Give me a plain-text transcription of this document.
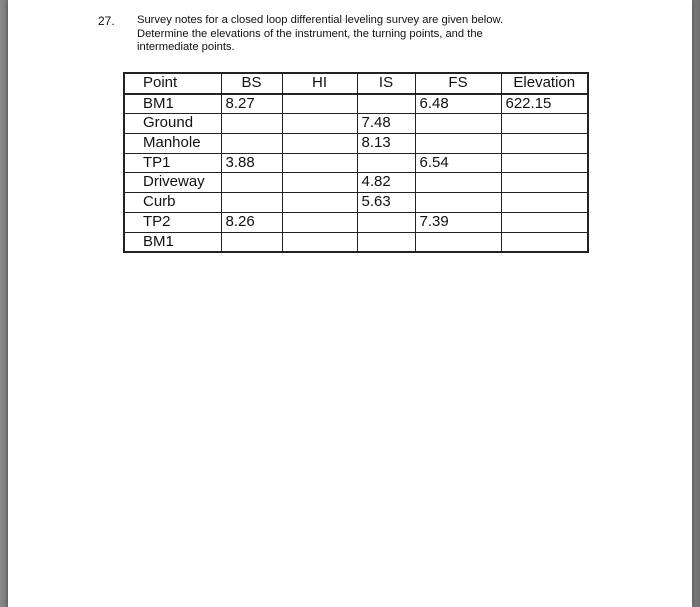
27. Survey notes for a closed loop differential leveling survey are given below.
Determine the elevations of the instrument, the turning points, and the
intermediate points.
Point	BS	HI	IS	FS	Elevation
BM1	8.27			6.48	622.15
Ground			7.48		
Manhole			8.13		
TP1	3.88			6.54	
Driveway			4.82		
Curb			5.63		
TP2	8.26			7.39	
BM1					
